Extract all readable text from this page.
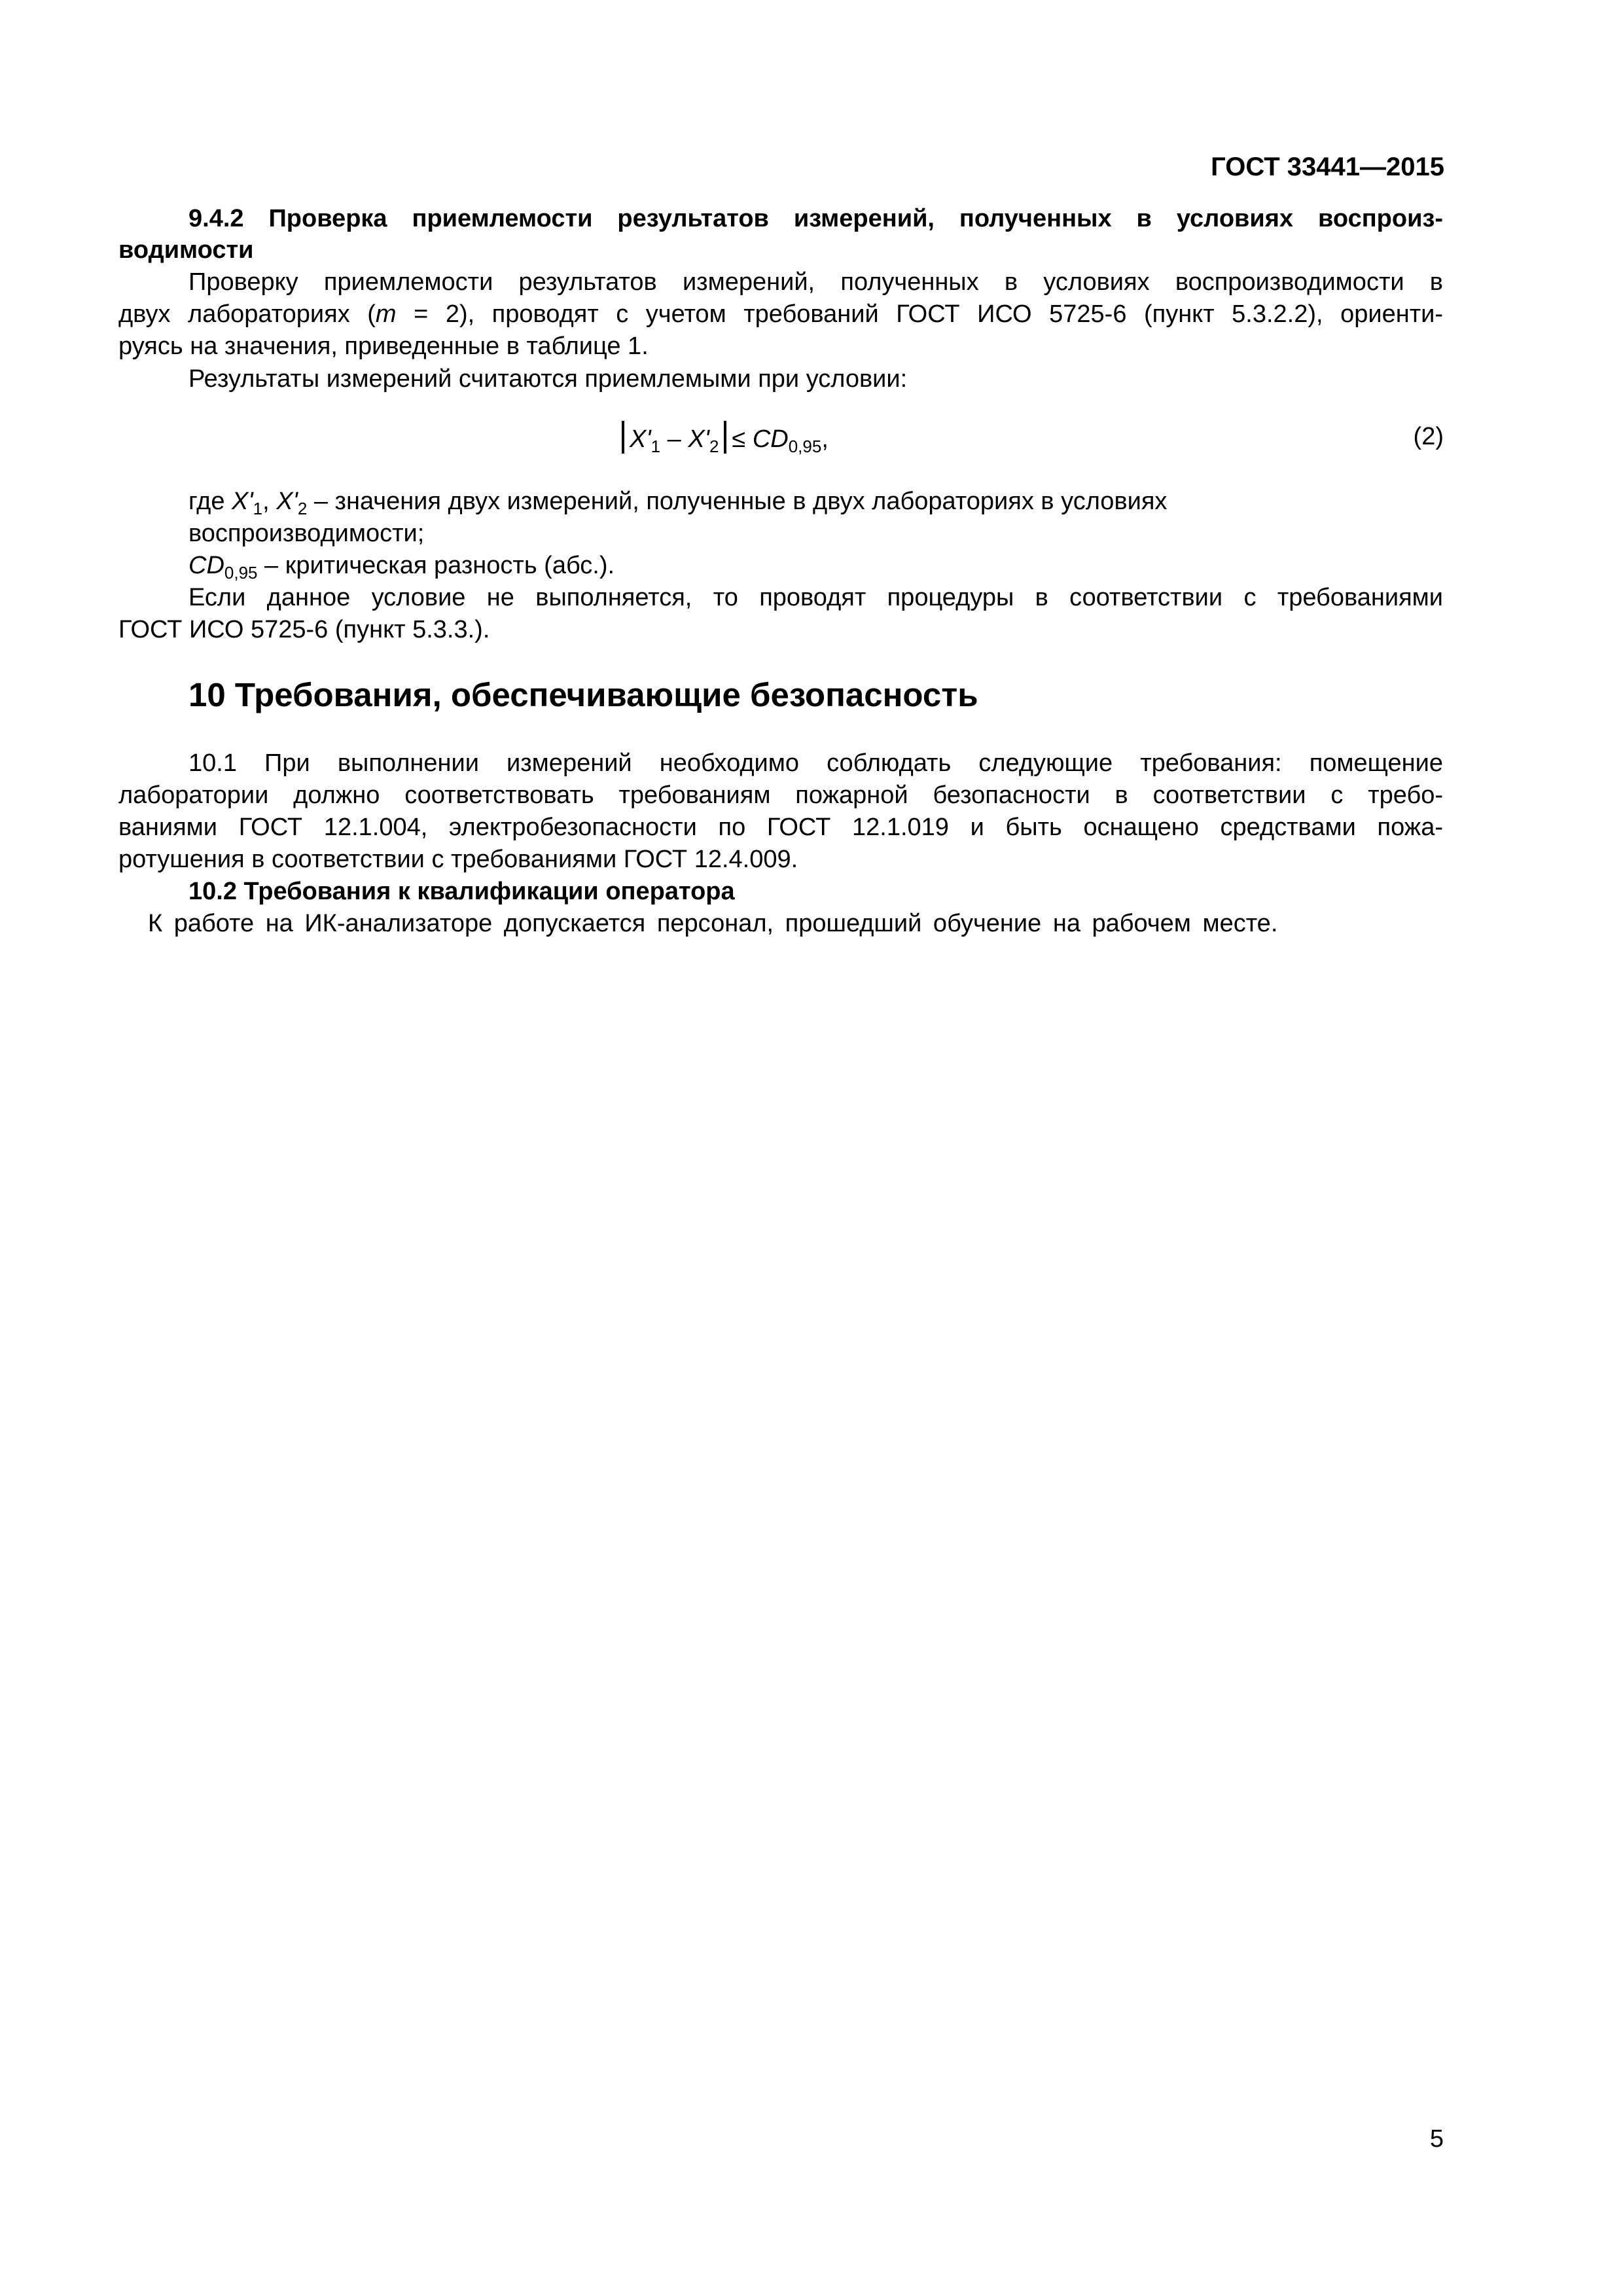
ГОСТ 33441—2015
9.4.2 Проверка приемлемости результатов измерений, полученных в условиях воспроиз-
водимости
Проверку приемлемости результатов измерений, полученных в условиях воспроизводимости в
двух лабораториях (m = 2), проводят с учетом требований ГОСТ ИСО 5725-6 (пункт 5.3.2.2), ориенти-
руясь на значения, приведенные в таблице 1.
Результаты измерений считаются приемлемыми при условии:
$X'_1 - X'_2 \le CD_{0,95}$,	(2)
где $X'_1$, $X'_2$ – значения двух измерений, полученные в двух лабораториях в условиях
воспроизводимости;
$CD_{0,95}$ – критическая разность (абс.).
Если данное условие не выполняется, то проводят процедуры в соответствии с требованиями
ГОСТ ИСО 5725-6 (пункт 5.3.3.).
10 Требования, обеспечивающие безопасность
10.1 При выполнении измерений необходимо соблюдать следующие требования: помещение
лаборатории должно соответствовать требованиям пожарной безопасности в соответствии с требо-
ваниями ГОСТ 12.1.004, электробезопасности по ГОСТ 12.1.019 и быть оснащено средствами пожа-
ротушения в соответствии с требованиями ГОСТ 12.4.009.
10.2 Требования к квалификации оператора
К работе на ИК-анализаторе допускается персонал, прошедший обучение на рабочем месте.
5
